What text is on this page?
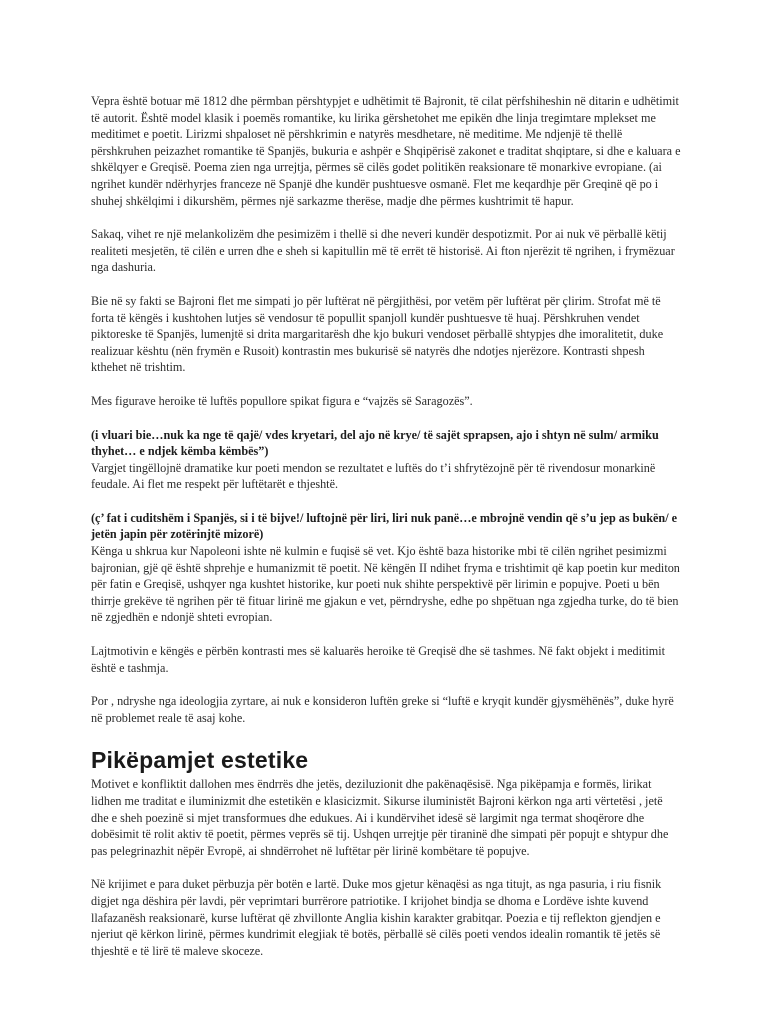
Vepra është botuar më 1812 dhe përmban përshtypjet e udhëtimit të Bajronit, të cilat përfshiheshin në ditarin e udhëtimit të autorit. Është model klasik i poemës romantike, ku lirika gërshetohet me epikën dhe linja tregimtare mplekset me meditimet e poetit. Lirizmi shpaloset në përshkrimin e natyrës mesdhetare, në meditime. Me ndjenjë të thellë përshkruhen peizazhet romantike të Spanjës, bukuria e ashpër e Shqipërisë zakonet e traditat shqiptare, si dhe e kaluara e shkëlqyer e Greqisë. Poema zien nga urrejtja, përmes së cilës godet politikën reaksionare të monarkive evropiane. (ai ngrihet kundër ndërhyrjes franceze në Spanjë dhe kundër pushtuesve osmanë. Flet me keqardhje për Greqinë që po i shuhej shkëlqimi i dikurshëm, përmes një sarkazme therëse, madje dhe përmes kushtrimit të hapur.

Sakaq, vihet re një melankolizëm dhe pesimizëm i thellë si dhe neveri kundër despotizmit. Por ai nuk vë përballë këtij realiteti mesjetën, të cilën e urren dhe e sheh si kapitullin më të errët të historisë. Ai fton njerëzit të ngrihen, i frymëzuar nga dashuria.

Bie në sy fakti se Bajroni flet me simpati jo për luftërat në përgjithësi, por vetëm për luftërat për çlirim. Strofat më të forta të këngës i kushtohen lutjes së vendosur të popullit spanjoll kundër pushtuesve të huaj. Përshkruhen vendet piktoreske të Spanjës, lumenjtë si drita margaritarësh dhe kjo bukuri vendoset përballë shtypjes dhe imoralitetit, duke realizuar kështu (nën frymën e Rusoit) kontrastin mes bukurisë së natyrës dhe ndotjes njerëzore. Kontrasti shpesh kthehet në trishtim.

Mes figurave heroike të luftës popullore spikat figura e “vajzës së Saragozës”.

(i vluari bie…nuk ka nge të qajë/ vdes kryetari, del ajo në krye/ të sajët sprapsen, ajo i shtyn në sulm/ armiku thyhet… e ndjek këmba këmbës”)

Vargjet tingëllojnë dramatike kur poeti mendon se rezultatet e luftës do t’i shfrytëzojnë për të rivendosur monarkinë feudale. Ai flet me respekt për luftëtarët e thjeshtë.

(ç’ fat i cuditshëm i Spanjës, si i të bijve!/ luftojnë për liri, liri nuk panë…e mbrojnë vendin që s’u jep as bukën/ e jetën japin për zotërinjtë mizorë)

Kënga u shkrua kur Napoleoni ishte në kulmin e fuqisë së vet. Kjo është baza historike mbi të cilën ngrihet pesimizmi bajronian, gjë që është shprehje e humanizmit të poetit. Në këngën II ndihet fryma e trishtimit që kap poetin kur mediton për fatin e Greqisë, ushqyer nga kushtet historike, kur poeti nuk shihte perspektivë për lirimin e popujve. Poeti u bën thirrje grekëve të ngrihen për të fituar lirinë me gjakun e vet, përndryshe, edhe po shpëtuan nga zgjedha turke, do të bien në zgjedhën e ndonjë shteti evropian.

Lajtmotivin e këngës e përbën kontrasti mes së kaluarës heroike të Greqisë dhe së tashmes. Në fakt objekt i meditimit është e tashmja.

Por , ndryshe nga ideologjia zyrtare, ai nuk e konsideron luftën greke si “luftë e kryqit kundër gjysmëhënës”, duke hyrë në problemet reale të asaj kohe.

Pikëpamjet estetike

Motivet e konfliktit dallohen mes ëndrrës dhe jetës, deziluzionit dhe pakënaqësisë. Nga pikëpamja e formës, lirikat lidhen me traditat e iluminizmit dhe estetikën e klasicizmit. Sikurse iluministët Bajroni kërkon nga arti vërtetësi , jetë dhe e sheh poezinë si mjet transformues dhe edukues. Ai i kundërvihet idesë së largimit nga termat shoqërore dhe dobësimit të rolit aktiv të poetit, përmes veprës së tij. Ushqen urrejtje për tiraninë dhe simpati për popujt e shtypur dhe pas pelegrinazhit nëpër Evropë, ai shndërrohet në luftëtar për lirinë kombëtare të popujve.

Në krijimet e para duket përbuzja për botën e lartë. Duke mos gjetur kënaqësi as nga titujt, as nga pasuria, i riu fisnik digjet nga dëshira për lavdi, për veprimtari burrërore patriotike. I krijohet bindja se dhoma e Lordëve ishte kuvend llafazanësh reaksionarë, kurse luftërat që zhvillonte Anglia kishin karakter grabitqar. Poezia e tij reflekton gjendjen e njeriut që kërkon lirinë, përmes kundrimit elegjiak të botës, përballë së cilës poeti vendos idealin romantik të jetës së thjeshtë e të lirë të maleve skoceze.
